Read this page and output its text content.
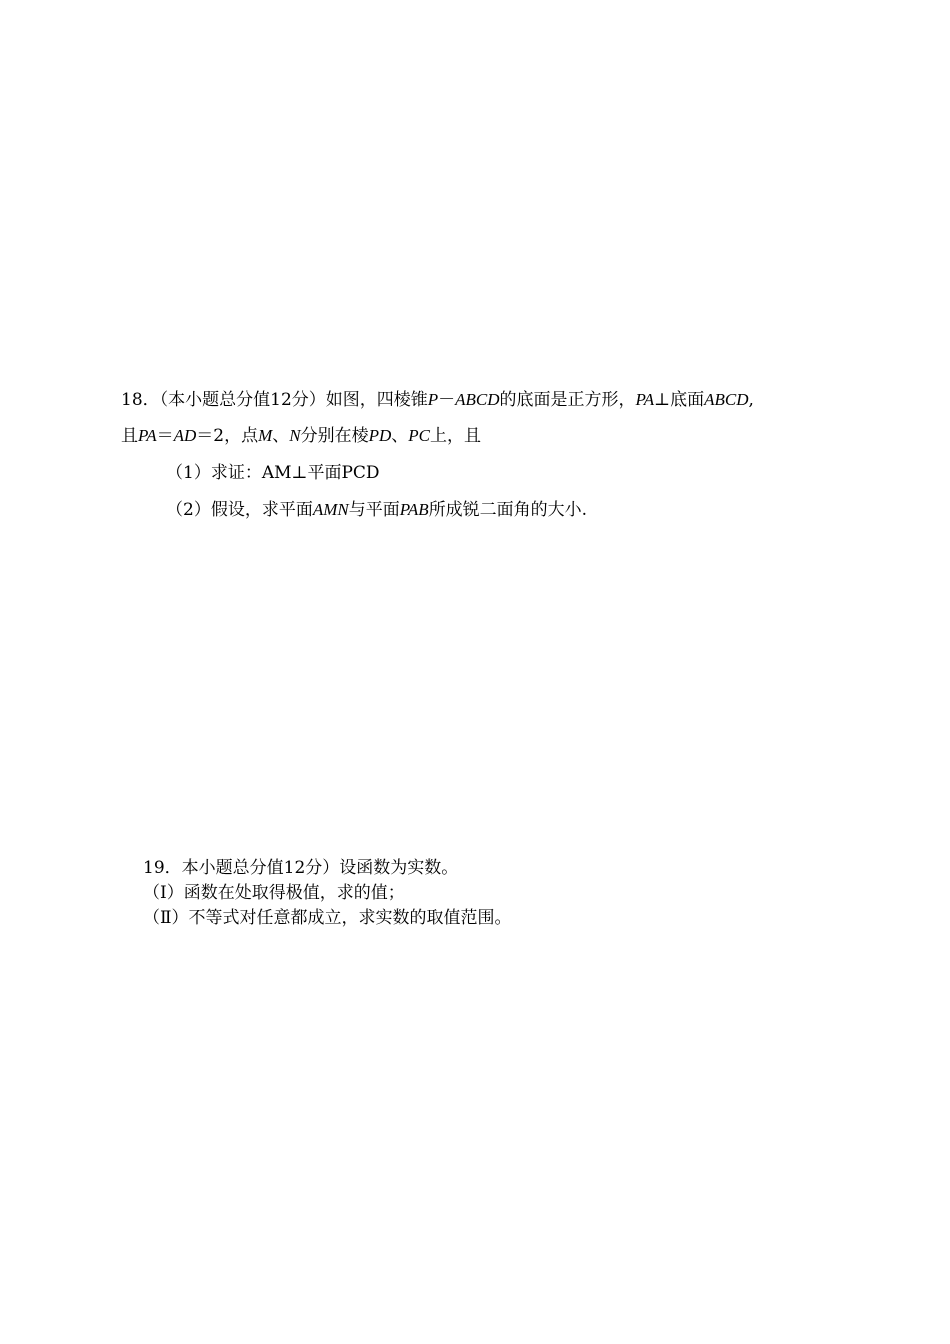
18．（本小题总分值12分）如图，四棱锥P－ABCD的底面是正方形，PA⊥底面ABCD,
且PA＝AD＝2，点M、N分别在棱PD、PC上，且
（1）求证：AM⊥平面PCD
（2）假设，求平面AMN与平面PAB所成锐二面角的大小.
19．本小题总分值12分）设函数为实数。
（Ⅰ）函数在处取得极值，求的值；
（Ⅱ）不等式对任意都成立，求实数的取值范围。
